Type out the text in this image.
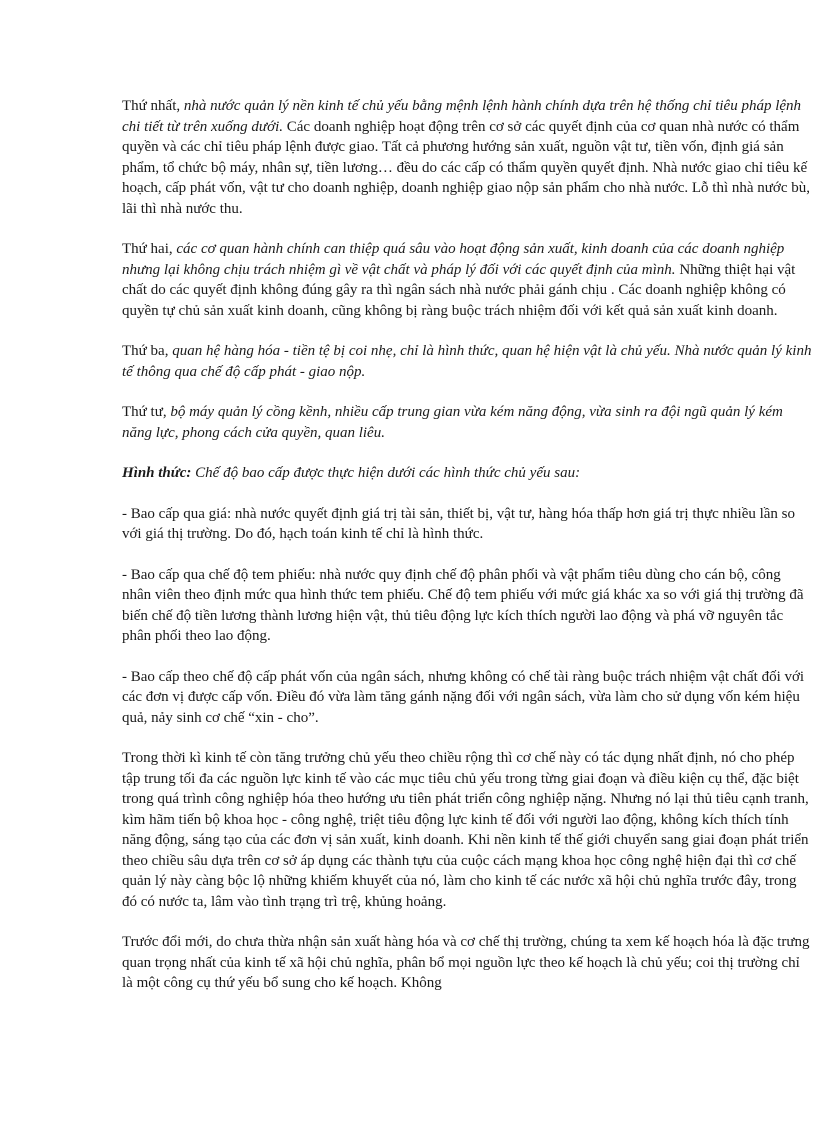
Thứ nhất, nhà nước quản lý nền kinh tế chủ yếu bằng mệnh lệnh hành chính dựa trên hệ thống chỉ tiêu pháp lệnh chi tiết từ trên xuống dưới. Các doanh nghiệp hoạt động trên cơ sở các quyết định của cơ quan nhà nước có thẩm quyền và các chỉ tiêu pháp lệnh được giao. Tất cả phương hướng sản xuất, nguồn vật tư, tiền vốn, định giá sản phẩm, tổ chức bộ máy, nhân sự, tiền lương… đều do các cấp có thẩm quyền quyết định. Nhà nước giao chỉ tiêu kế hoạch, cấp phát vốn, vật tư cho doanh nghiệp, doanh nghiệp giao nộp sản phẩm cho nhà nước. Lỗ thì nhà nước bù, lãi thì nhà nước thu.

Thứ hai, các cơ quan hành chính can thiệp quá sâu vào hoạt động sản xuất, kinh doanh của các doanh nghiệp nhưng lại không chịu trách nhiệm gì về vật chất và pháp lý đối với các quyết định của mình. Những thiệt hại vật chất do các quyết định không đúng gây ra thì ngân sách nhà nước phải gánh chịu . Các doanh nghiệp không có quyền tự chủ sản xuất kinh doanh, cũng không bị ràng buộc trách nhiệm đối với kết quả sản xuất kinh doanh.

Thứ ba, quan hệ hàng hóa - tiền tệ bị coi nhẹ, chỉ là hình thức, quan hệ hiện vật là chủ yếu. Nhà nước quản lý kinh tế thông qua chế độ cấp phát - giao nộp.

Thứ tư, bộ máy quản lý cồng kềnh, nhiều cấp trung gian vừa kém năng động, vừa sinh ra đội ngũ quản lý kém năng lực, phong cách cửa quyền, quan liêu.

Hình thức: Chế độ bao cấp được thực hiện dưới các hình thức chủ yếu sau:

- Bao cấp qua giá: nhà nước quyết định giá trị tài sản, thiết bị, vật tư, hàng hóa thấp hơn giá trị thực nhiều lần so với giá thị trường. Do đó, hạch toán kinh tế chỉ là hình thức.

- Bao cấp qua chế độ tem phiếu: nhà nước quy định chế độ phân phối và vật phẩm tiêu dùng cho cán bộ, công nhân viên theo định mức qua hình thức tem phiếu. Chế độ tem phiếu với mức giá khác xa so với giá thị trường đã biến chế độ tiền lương thành lương hiện vật, thủ tiêu động lực kích thích người lao động và phá vỡ nguyên tắc phân phối theo lao động.

- Bao cấp theo chế độ cấp phát vốn của ngân sách, nhưng không có chế tài ràng buộc trách nhiệm vật chất đối với các đơn vị được cấp vốn. Điều đó vừa làm tăng gánh nặng đối với ngân sách, vừa làm cho sử dụng vốn kém hiệu quả, nảy sinh cơ chế “xin - cho”.

Trong thời kì kinh tế còn tăng trưởng chủ yếu theo chiều rộng thì cơ chế này có tác dụng nhất định, nó cho phép tập trung tối đa các nguồn lực kinh tế vào các mục tiêu chủ yếu trong từng giai đoạn và điều kiện cụ thể, đặc biệt trong quá trình công nghiệp hóa theo hướng ưu tiên phát triển công nghiệp nặng. Nhưng nó lại thủ tiêu cạnh tranh, kìm hãm tiến bộ khoa học - công nghệ, triệt tiêu động lực kinh tế đối với người lao động, không kích thích tính năng động, sáng tạo của các đơn vị sản xuất, kinh doanh. Khi nền kinh tế thế giới chuyển sang giai đoạn phát triển theo chiều sâu dựa trên cơ sở áp dụng các thành tựu của cuộc cách mạng khoa học công nghệ hiện đại thì cơ chế quản lý này càng bộc lộ những khiếm khuyết của nó, làm cho kinh tế các nước xã hội chủ nghĩa trước đây, trong đó có nước ta, lâm vào tình trạng trì trệ, khủng hoảng.

Trước đổi mới, do chưa thừa nhận sản xuất hàng hóa và cơ chế thị trường, chúng ta xem kế hoạch hóa là đặc trưng quan trọng nhất của kinh tế xã hội chủ nghĩa, phân bổ mọi nguồn lực theo kế hoạch là chủ yếu; coi thị trường chỉ là một công cụ thứ yếu bổ sung cho kế hoạch. Không
